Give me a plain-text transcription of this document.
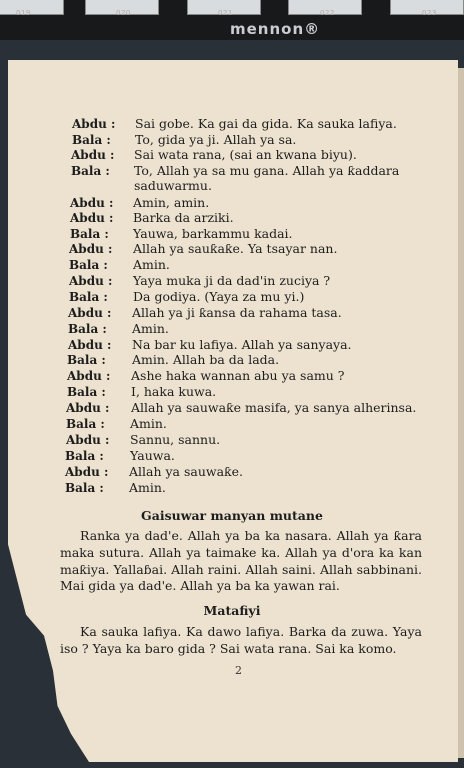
019	020	021	022	023
mennon®
Abdu :	Sai gobe. Ka gai da gida. Ka sauka lafiya.
Bala :	To, gida ya ji. Allah ya sa.
Abdu :	Sai wata rana, (sai an kwana biyu).
Bala :	To, Allah ya sa mu gana. Allah ya ƙaddara
saduwarmu.
Abdu :	Amin, amin.
Abdu :	Barka da arziki.
Bala :	Yauwa, barkammu kadai.
Abdu :	Allah ya sauƙaƙe. Ya tsayar nan.
Bala :	Amin.
Abdu :	Yaya muka ji da dad'in zuciya ?
Bala :	Da godiya. (Yaya za mu yi.)
Abdu :	Allah ya ji ƙansa da rahama tasa.
Bala :	Amin.
Abdu :	Na bar ku lafiya. Allah ya sanyaya.
Bala :	Amin. Allah ba da lada.
Abdu :	Ashe haka wannan abu ya samu ?
Bala :	I, haka kuwa.
Abdu :	Allah ya sauwaƙe masifa, ya sanya alherinsa.
Bala :	Amin.
Abdu :	Sannu, sannu.
Bala :	Yauwa.
Abdu :	Allah ya sauwaƙe.
Bala :	Amin.
Gaisuwar manyan mutane

Ranka ya dad'e. Allah ya ba ka nasara. Allah ya ƙara maka sutura. Allah ya taimake ka. Allah ya d'ora ka kan maƙiya. Yallaɓai. Allah raini. Allah saini. Allah sabbinani. Mai gida ya dad'e. Allah ya ba ka yawan rai.

Matafiyi

Ka sauka lafiya. Ka dawo lafiya. Barka da zuwa. Yaya iso ? Yaya ka baro gida ? Sai wata rana. Sai ka komo.

2
